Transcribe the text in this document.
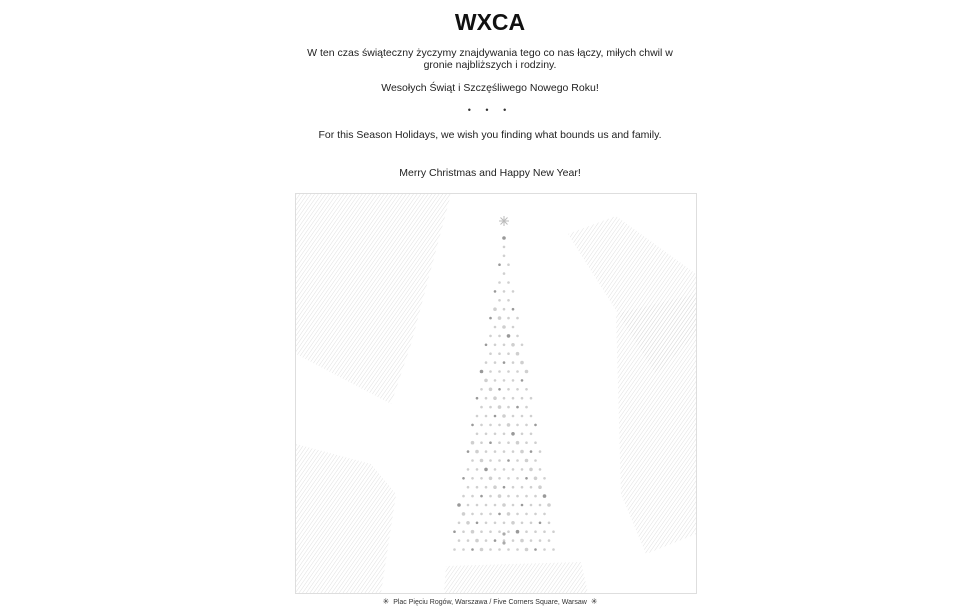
WXCA
W ten czas świąteczny życzymy znajdywania tego co nas łączy, miłych chwil w gronie najbliższych i rodziny.
Wesołych Świąt i Szczęśliwego Nowego Roku!
• • •
For this Season Holidays, we wish you finding what bounds us and family.
Merry Christmas and Happy New Year!
✳ Plac Pięciu Rogów, Warszawa / Five Corners Square, Warsaw ✳
